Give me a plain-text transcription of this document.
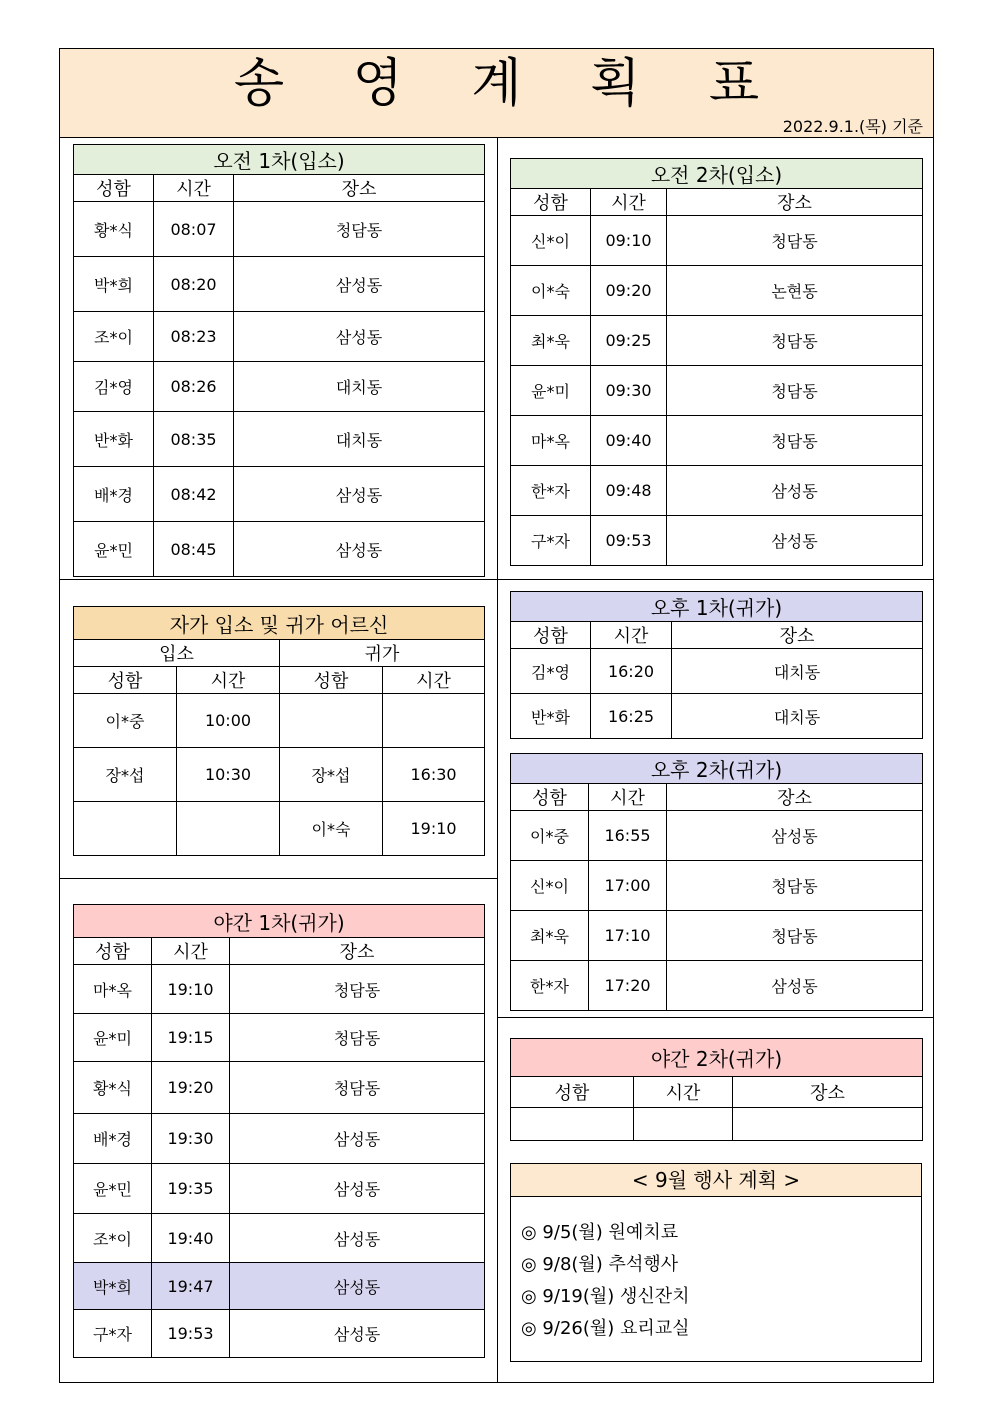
송 영 계 획 표
2022.9.1.(목) 기준
오전 1차(입소)		
성함	시간	장소
황*식	08:07	청담동
박*희	08:20	삼성동
조*이	08:23	삼성동
김*영	08:26	대치동
반*화	08:35	대치동
배*경	08:42	삼성동
윤*민	08:45	삼성동
오전 2차(입소)		
성함	시간	장소
신*이	09:10	청담동
이*숙	09:20	논현동
최*욱	09:25	청담동
윤*미	09:30	청담동
마*옥	09:40	청담동
한*자	09:48	삼성동
구*자	09:53	삼성동
자가 입소 및 귀가 어르신			
입소		귀가	
성함	시간	성함	시간
이*중	10:00		
장*섭	10:30	장*섭	16:30
		이*숙	19:10
오후 1차(귀가)		
성함	시간	장소
김*영	16:20	대치동
반*화	16:25	대치동
오후 2차(귀가)		
성함	시간	장소
이*중	16:55	삼성동
신*이	17:00	청담동
최*욱	17:10	청담동
한*자	17:20	삼성동
야간 1차(귀가)		
성함	시간	장소
마*옥	19:10	청담동
윤*미	19:15	청담동
황*식	19:20	청담동
배*경	19:30	삼성동
윤*민	19:35	삼성동
조*이	19:40	삼성동
박*희	19:47	삼성동
구*자	19:53	삼성동
야간 2차(귀가)		
성함	시간	장소

< 9월 행사 계획 >
◎ 9/5(월) 원예치료
◎ 9/8(월) 추석행사
◎ 9/19(월) 생신잔치
◎ 9/26(월) 요리교실
